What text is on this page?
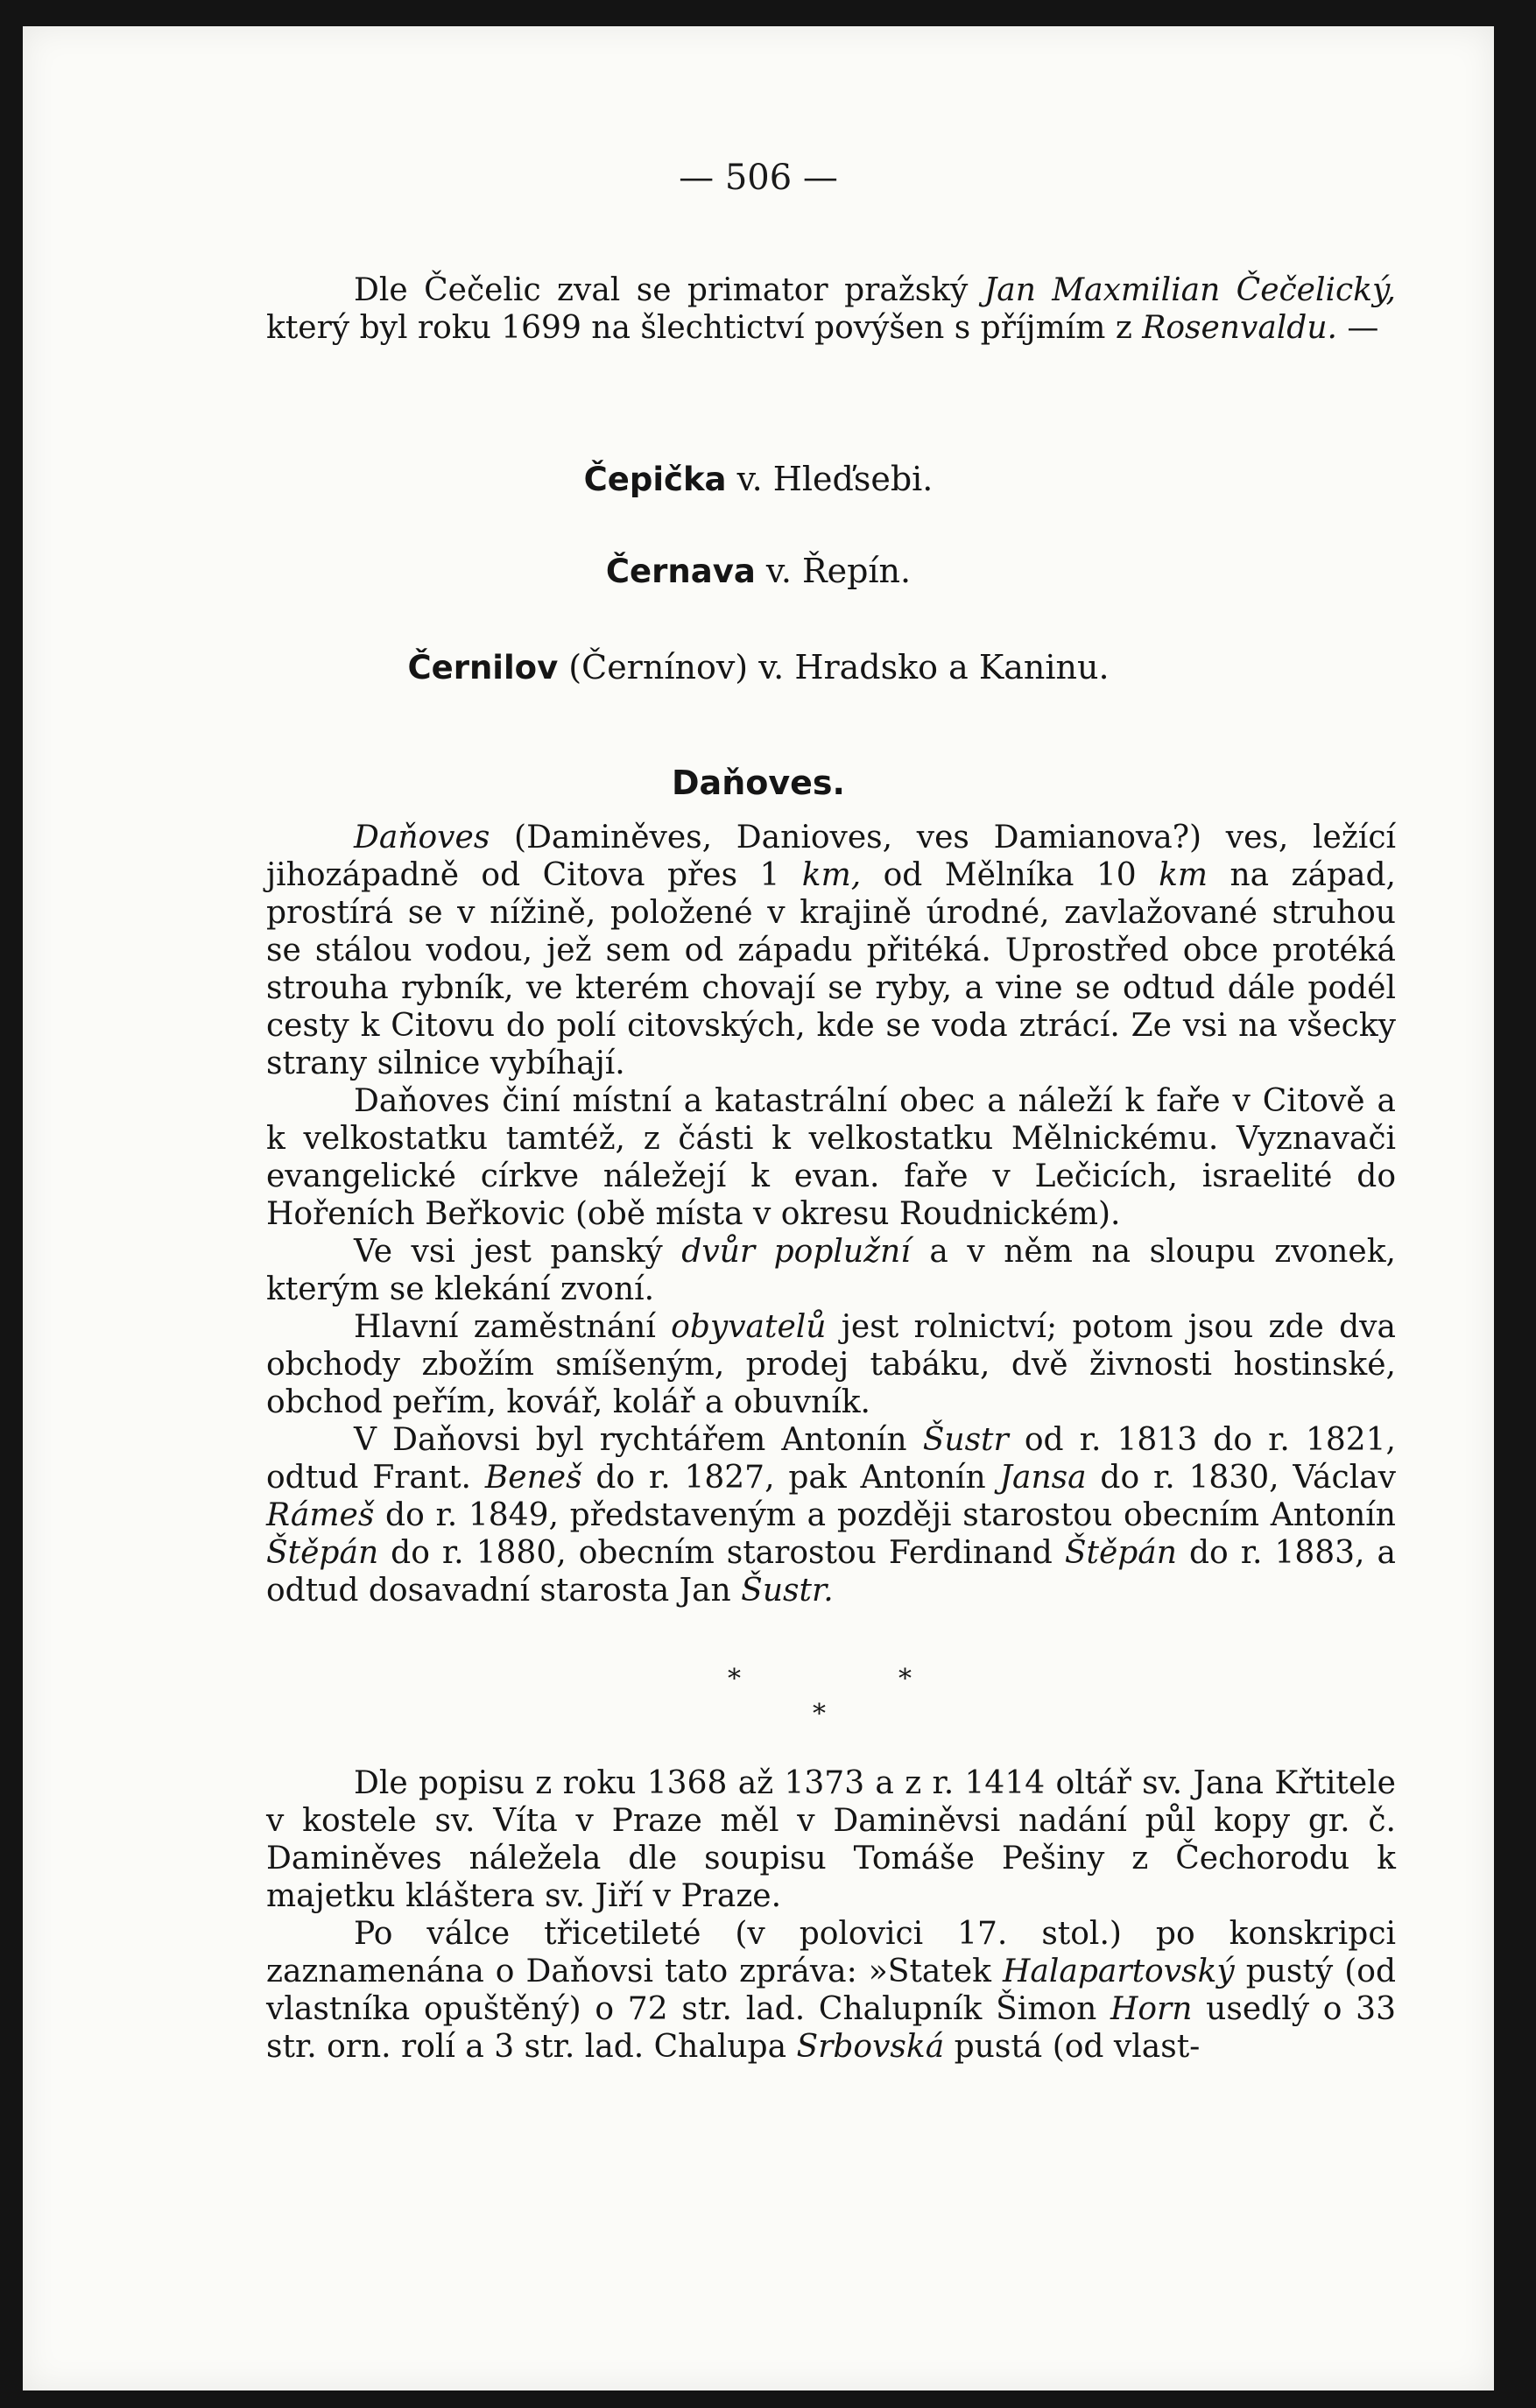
— 506 —

Dle Čečelic zval se primator pražský Jan Maxmilian Čečelický, který byl roku 1699 na šlechtictví povýšen s příjmím z Rosenvaldu. —

Čepička v. Hleďsebi.
Černava v. Řepín.
Černilov (Černínov) v. Hradsko a Kaninu.
Daňoves.

Daňoves (Daminěves, Danioves, ves Damianova?) ves, ležící jihozápadně od Citova přes 1 km, od Mělníka 10 km na západ, prostírá se v nížině, položené v krajině úrodné, zavlažované struhou se stálou vodou, jež sem od západu přitéká. Uprostřed obce protéká strouha rybník, ve kterém chovají se ryby, a vine se odtud dále podél cesty k Citovu do polí citovských, kde se voda ztrácí. Ze vsi na všecky strany silnice vybíhají.

Daňoves činí místní a katastrální obec a náleží k faře v Citově a k velkostatku tamtéž, z části k velkostatku Mělnickému. Vyznavači evangelické církve náležejí k evan. faře v Lečicích, israelité do Hořeních Beřkovic (obě místa v okresu Roudnickém).

Ve vsi jest panský dvůr poplužní a v něm na sloupu zvonek, kterým se klekání zvoní.

Hlavní zaměstnání obyvatelů jest rolnictví; potom jsou zde dva obchody zbožím smíšeným, prodej tabáku, dvě živnosti hostinské, obchod peřím, kovář, kolář a obuvník.

V Daňovsi byl rychtářem Antonín Šustr od r. 1813 do r. 1821, odtud Frant. Beneš do r. 1827, pak Antonín Jansa do r. 1830, Václav Rámeš do r. 1849, představeným a později starostou obecním Antonín Štěpán do r. 1880, obecním starostou Ferdinand Štěpán do r. 1883, a odtud dosavadní starosta Jan Šustr.

*	*
*

Dle popisu z roku 1368 až 1373 a z r. 1414 oltář sv. Jana Křtitele v kostele sv. Víta v Praze měl v Daminěvsi nadání půl kopy gr. č. Daminěves náležela dle soupisu Tomáše Pešiny z Čechorodu k majetku kláštera sv. Jiří v Praze.

Po válce třicetileté (v polovici 17. stol.) po konskripci zaznamenána o Daňovsi tato zpráva: »Statek Halapartovský pustý (od vlastníka opuštěný) o 72 str. lad. Chalupník Šimon Horn usedlý o 33 str. orn. rolí a 3 str. lad. Chalupa Srbovská pustá (od vlast-
